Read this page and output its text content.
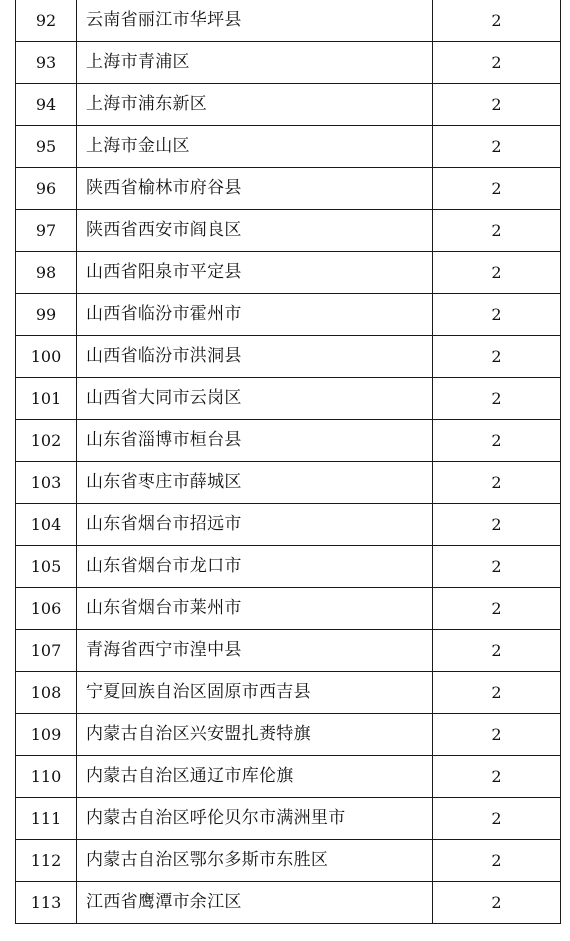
92	云南省丽江市华坪县	2
93	上海市青浦区	2
94	上海市浦东新区	2
95	上海市金山区	2
96	陕西省榆林市府谷县	2
97	陕西省西安市阎良区	2
98	山西省阳泉市平定县	2
99	山西省临汾市霍州市	2
100	山西省临汾市洪洞县	2
101	山西省大同市云岗区	2
102	山东省淄博市桓台县	2
103	山东省枣庄市薛城区	2
104	山东省烟台市招远市	2
105	山东省烟台市龙口市	2
106	山东省烟台市莱州市	2
107	青海省西宁市湟中县	2
108	宁夏回族自治区固原市西吉县	2
109	内蒙古自治区兴安盟扎赉特旗	2
110	内蒙古自治区通辽市库伦旗	2
111	内蒙古自治区呼伦贝尔市满洲里市	2
112	内蒙古自治区鄂尔多斯市东胜区	2
113	江西省鹰潭市余江区	2
